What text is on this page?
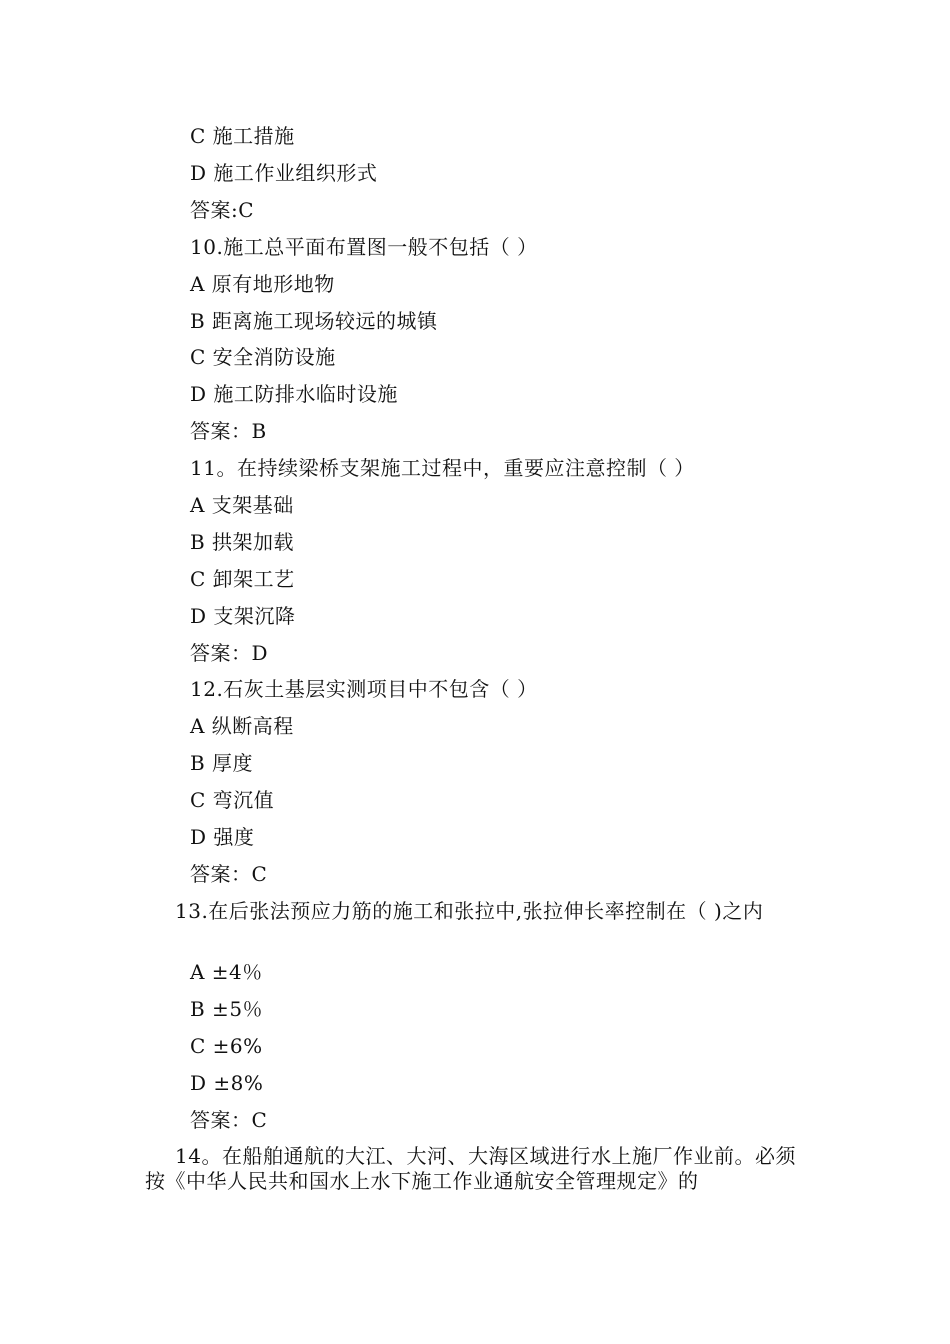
C 施工措施
D 施工作业组织形式
答案:C
10.施工总平面布置图一般不包括（ ）
A 原有地形地物
B 距离施工现场较远的城镇
C 安全消防设施
D 施工防排水临时设施
答案：B
11。在持续梁桥支架施工过程中，重要应注意控制（ ）
A 支架基础
B 拱架加载
C 卸架工艺
D 支架沉降
答案：D
12.石灰土基层实测项目中不包含（ ）
A 纵断高程
B 厚度
C 弯沉值
D 强度
答案：C
13.在后张法预应力筋的施工和张拉中,张拉伸长率控制在（ )之内
A ±4％
B ±5％
C ±6%
D ±8%
答案：C
14。在船舶通航的大江、大河、大海区域进行水上施厂作业前。必须按《中华人民共和国水上水下施工作业通航安全管理规定》的
